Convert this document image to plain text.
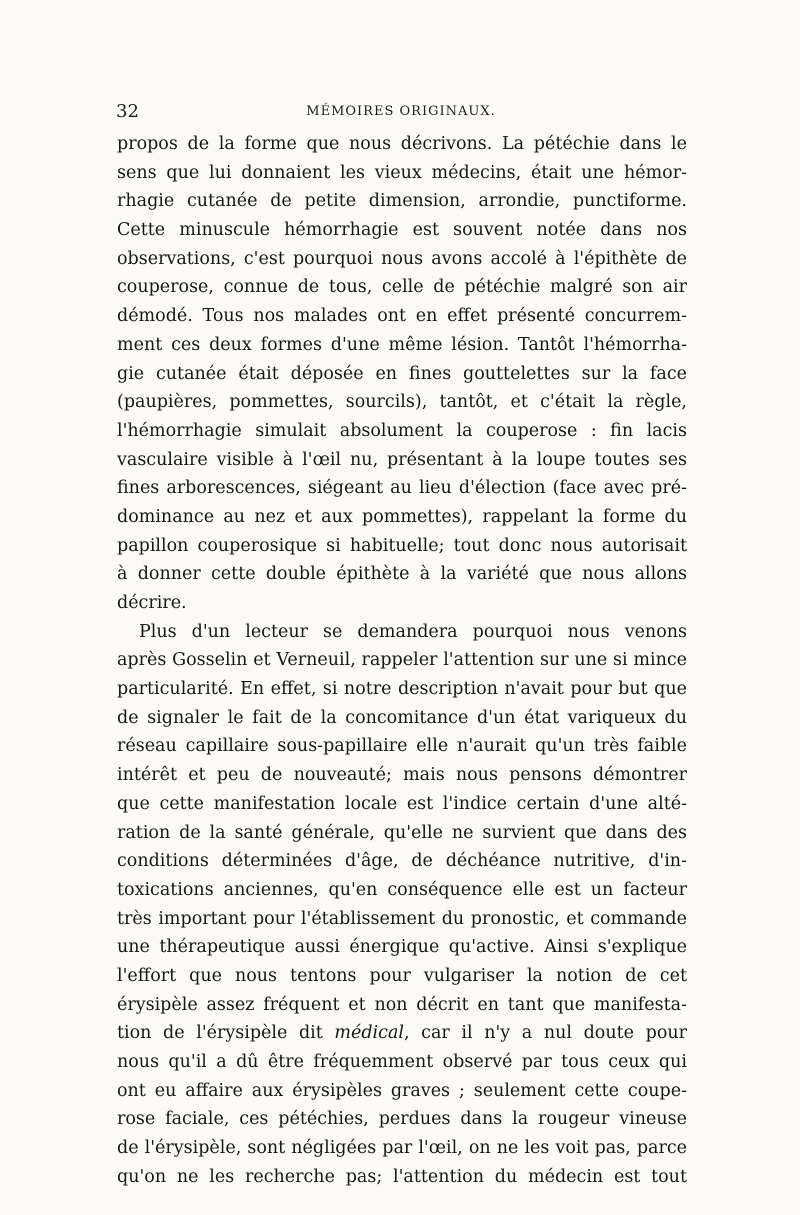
32	MÉMOIRES ORIGINAUX.
propos de la forme que nous décrivons. La pétéchie dans le
sens que lui donnaient les vieux médecins, était une hémor-
rhagie cutanée de petite dimension, arrondie, punctiforme.
Cette minuscule hémorrhagie est souvent notée dans nos
observations, c'est pourquoi nous avons accolé à l'épithète de
couperose, connue de tous, celle de pétéchie malgré son air
démodé. Tous nos malades ont en effet présenté concurrem-
ment ces deux formes d'une même lésion. Tantôt l'hémorrha-
gie cutanée était déposée en fines gouttelettes sur la face
(paupières, pommettes, sourcils), tantôt, et c'était la règle,
l'hémorrhagie simulait absolument la couperose : fin lacis
vasculaire visible à l'œil nu, présentant à la loupe toutes ses
fines arborescences, siégeant au lieu d'élection (face avec pré-
dominance au nez et aux pommettes), rappelant la forme du
papillon couperosique si habituelle; tout donc nous autorisait
à donner cette double épithète à la variété que nous allons
décrire.
Plus d'un lecteur se demandera pourquoi nous venons
après Gosselin et Verneuil, rappeler l'attention sur une si mince
particularité. En effet, si notre description n'avait pour but que
de signaler le fait de la concomitance d'un état variqueux du
réseau capillaire sous-papillaire elle n'aurait qu'un très faible
intérêt et peu de nouveauté; mais nous pensons démontrer
que cette manifestation locale est l'indice certain d'une alté-
ration de la santé générale, qu'elle ne survient que dans des
conditions déterminées d'âge, de déchéance nutritive, d'in-
toxications anciennes, qu'en conséquence elle est un facteur
très important pour l'établissement du pronostic, et commande
une thérapeutique aussi énergique qu'active. Ainsi s'explique
l'effort que nous tentons pour vulgariser la notion de cet
érysipèle assez fréquent et non décrit en tant que manifesta-
tion de l'érysipèle dit médical, car il n'y a nul doute pour
nous qu'il a dû être fréquemment observé par tous ceux qui
ont eu affaire aux érysipèles graves ; seulement cette coupe-
rose faciale, ces pétéchies, perdues dans la rougeur vineuse
de l'érysipèle, sont négligées par l'œil, on ne les voit pas, parce
qu'on ne les recherche pas; l'attention du médecin est tout
